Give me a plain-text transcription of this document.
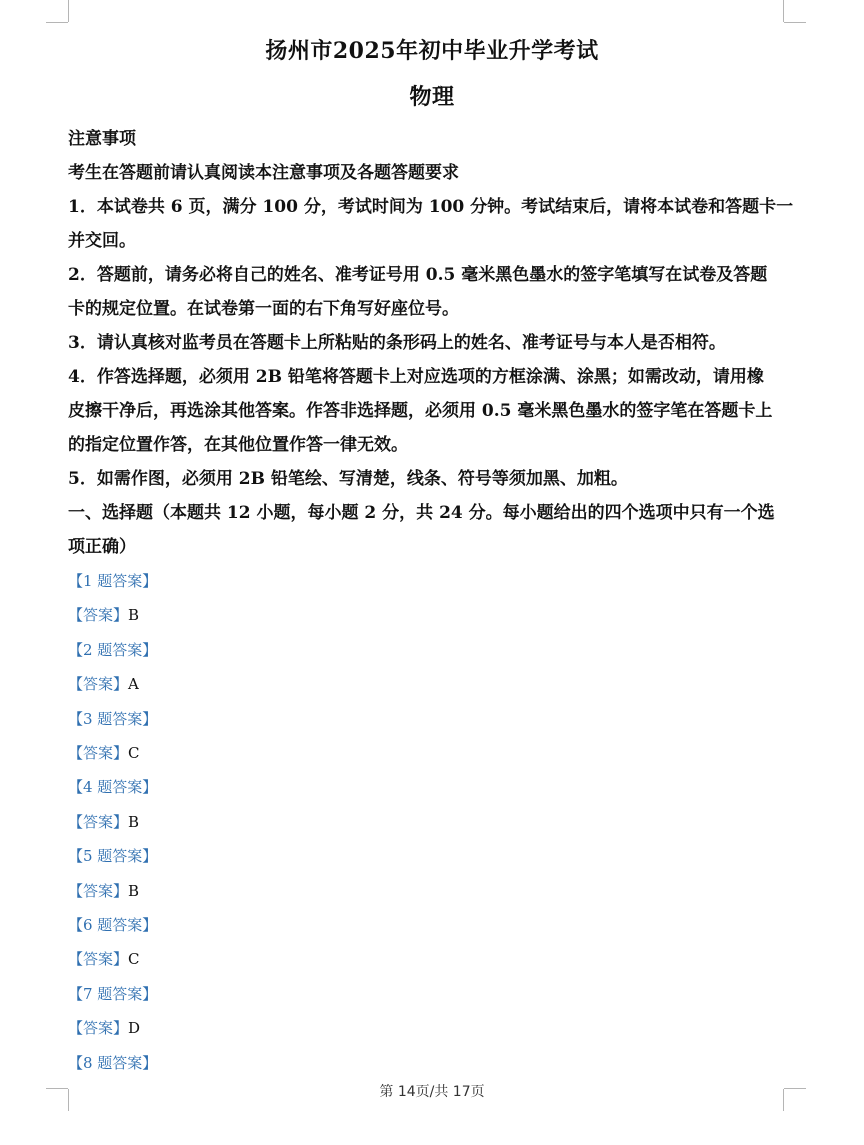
扬州市2025年初中毕业升学考试
物理
注意事项
考生在答题前请认真阅读本注意事项及各题答题要求
1．本试卷共 6 页，满分 100 分，考试时间为 100 分钟。考试结束后，请将本试卷和答题卡一
并交回。
2．答题前，请务必将自己的姓名、准考证号用 0.5 毫米黑色墨水的签字笔填写在试卷及答题
卡的规定位置。在试卷第一面的右下角写好座位号。
3．请认真核对监考员在答题卡上所粘贴的条形码上的姓名、准考证号与本人是否相符。
4．作答选择题，必须用 2B 铅笔将答题卡上对应选项的方框涂满、涂黑；如需改动，请用橡
皮擦干净后，再选涂其他答案。作答非选择题，必须用 0.5 毫米黑色墨水的签字笔在答题卡上
的指定位置作答，在其他位置作答一律无效。
5．如需作图，必须用 2B 铅笔绘、写清楚，线条、符号等须加黑、加粗。
一、选择题（本题共 12 小题，每小题 2 分，共 24 分。每小题给出的四个选项中只有一个选
项正确）
【1 题答案】
【答案】B
【2 题答案】
【答案】A
【3 题答案】
【答案】C
【4 题答案】
【答案】B
【5 题答案】
【答案】B
【6 题答案】
【答案】C
【7 题答案】
【答案】D
【8 题答案】
第 14页/共 17页
